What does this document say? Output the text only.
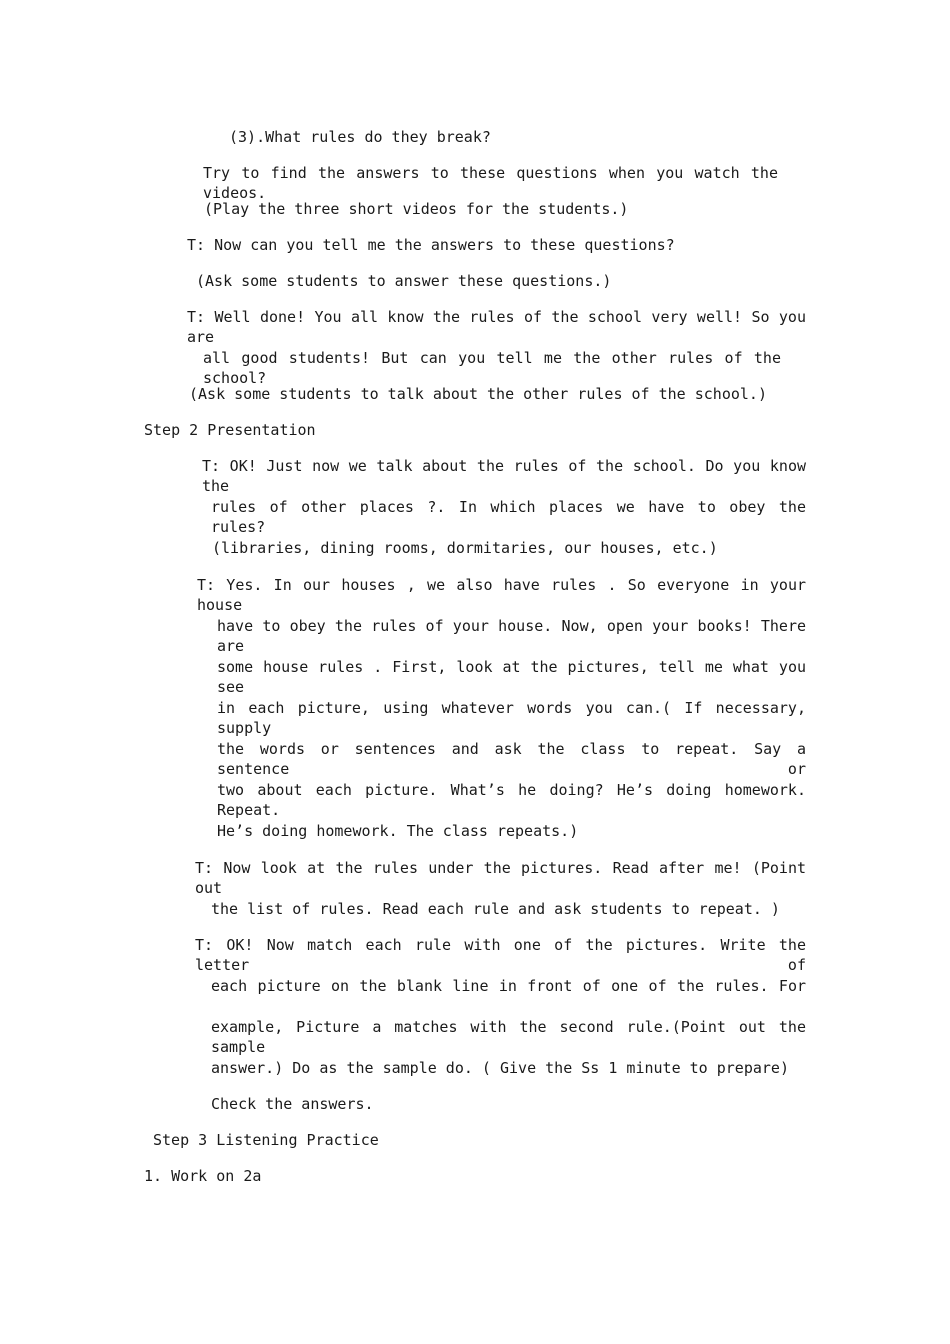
(3).What rules do they break?
Try to find the answers to these questions when you watch the videos.
(Play the three short videos for the students.)
T: Now can you tell me the answers to these questions?
(Ask some students to answer these questions.)
T: Well done! You all know the rules of the school very well! So you are
all good students! But can you tell me the other rules of the school?
(Ask some students to talk about the other rules of the school.)
Step 2 Presentation
T: OK! Just now we talk about the rules of the school. Do you know the
rules of other places ?. In which places we have to obey the rules?
(libraries, dining rooms, dormitaries, our houses, etc.)
T: Yes. In our houses , we also have rules . So everyone in your house
have to obey the rules of your house. Now, open your books! There are
some house rules . First, look at the pictures, tell me what you see
in each picture, using whatever words you can.( If necessary, supply
the words or sentences and ask the class to repeat. Say a sentence or
two about each picture. What’s he doing? He’s doing homework. Repeat.
He’s doing homework. The class repeats.)
T: Now look at the rules under the pictures. Read after me! (Point out
the list of rules. Read each rule and ask students to repeat. )
T: OK! Now match each rule with one of the pictures. Write the letter of
each picture on the blank line in front of one of the rules. For
example, Picture a matches with the second rule.(Point out the sample
answer.) Do as the sample do. ( Give the Ss 1 minute to prepare)
Check the answers.
Step 3 Listening Practice
1. Work on 2a
